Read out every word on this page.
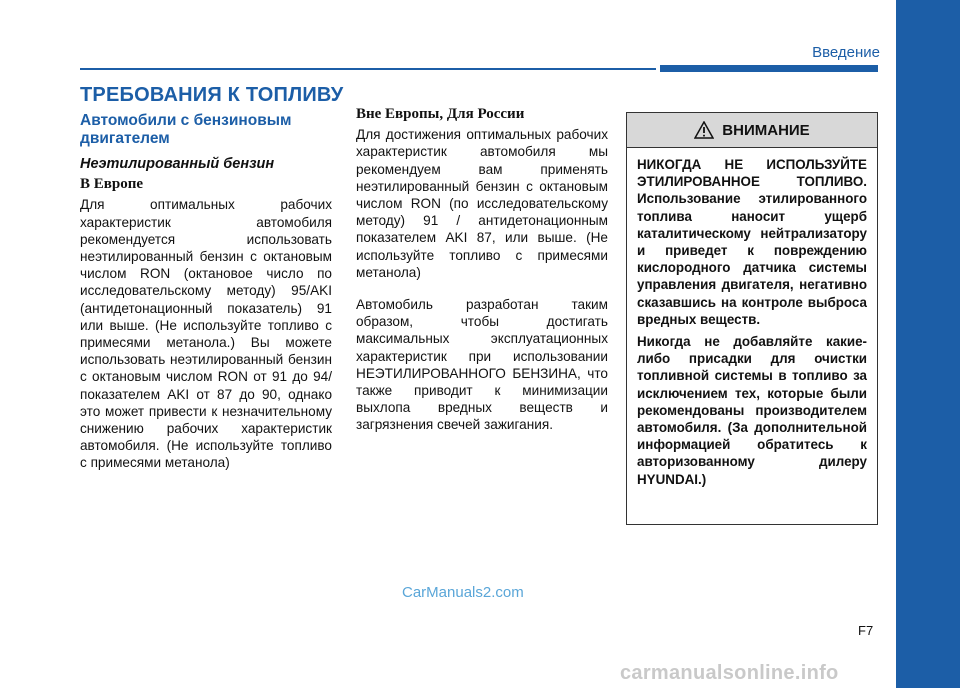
Введение
ТРЕБОВАНИЯ К ТОПЛИВУ
Автомобили с бензиновым двигателем
Неэтилированный бензин
В Европе

Для оптимальных рабочих характеристик автомобиля рекомендуется использовать неэтилированный бензин с октановым числом RON (октановое число по исследовательскому методу) 95/AKI (антидетонационный показатель) 91 или выше. (Не используйте топливо с примесями метанола.) Вы можете использовать неэтилированный бензин с октановым числом RON от 91 до 94/показателем AKI от 87 до 90, однако это может привести к незначительному снижению рабочих характеристик автомобиля. (Не используйте топливо с примесями метанола)

Вне Европы, Для России

Для достижения оптимальных рабочих характеристик автомобиля мы рекомендуем вам применять неэтилированный бензин с октановым числом RON (по исследовательскому методу) 91 / антидетонационным показателем AKI 87, или выше. (Не используйте топливо с примесями метанола)

Автомобиль разработан таким образом, чтобы достигать максимальных эксплуатационных характеристик при использовании НЕЭТИЛИРОВАННОГО БЕНЗИНА, что также приводит к минимизации выхлопа вредных веществ и загрязнения свечей зажигания.

ВНИМАНИЕ

НИКОГДА НЕ ИСПОЛЬЗУЙТЕ ЭТИЛИРОВАННОЕ ТОПЛИВО. Использование этилированного топлива наносит ущерб каталитическому нейтрализатору и приведет к повреждению кислородного датчика системы управления двигателя, негативно сказавшись на контроле выброса вредных веществ.

Никогда не добавляйте какие-либо присадки для очистки топливной системы в топливо за исключением тех, которые были рекомендованы производителем автомобиля. (За дополнительной информацией обратитесь к авторизованному дилеру HYUNDAI.)

CarManuals2.com
F7
carmanualsonline.info
